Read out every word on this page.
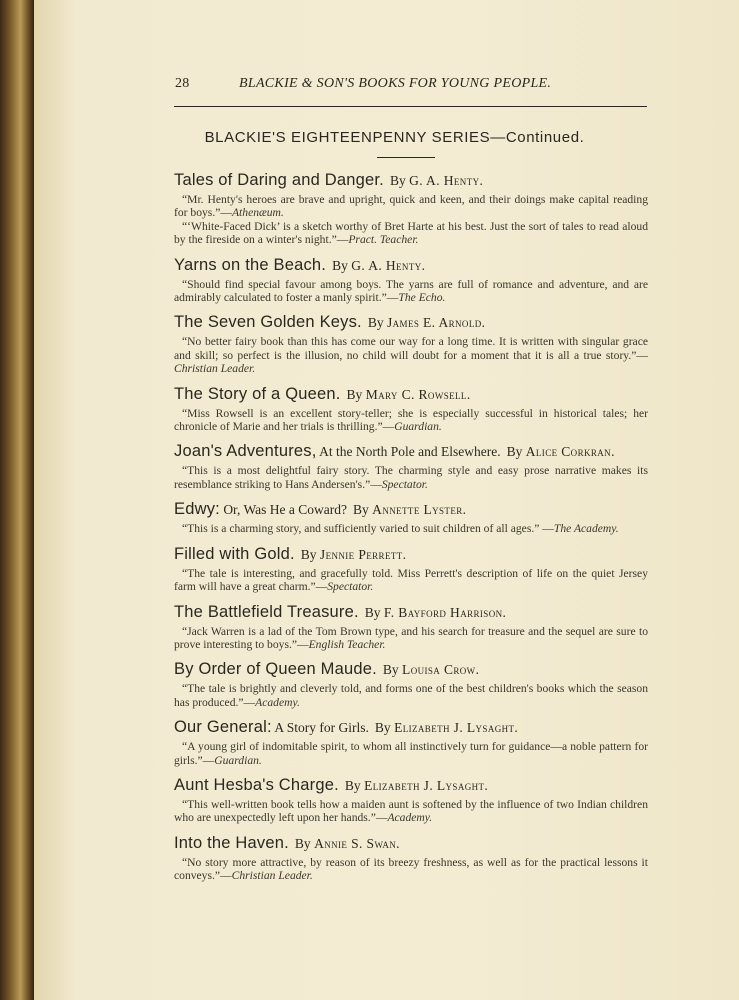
28	BLACKIE & SON'S BOOKS FOR YOUNG PEOPLE.
BLACKIE'S EIGHTEENPENNY SERIES—Continued.
Tales of Daring and Danger. By G. A. Henty.

“Mr. Henty's heroes are brave and upright, quick and keen, and their doings make capital reading for boys.”—Athenæum.

“‘White-Faced Dick’ is a sketch worthy of Bret Harte at his best. Just the sort of tales to read aloud by the fireside on a winter's night.”—Pract. Teacher.

Yarns on the Beach. By G. A. Henty.

“Should find special favour among boys. The yarns are full of romance and adventure, and are admirably calculated to foster a manly spirit.”—The Echo.

The Seven Golden Keys. By James E. Arnold.

“No better fairy book than this has come our way for a long time. It is written with singular grace and skill; so perfect is the illusion, no child will doubt for a moment that it is all a true story.”—Christian Leader.

The Story of a Queen. By Mary C. Rowsell.

“Miss Rowsell is an excellent story-teller; she is especially successful in historical tales; her chronicle of Marie and her trials is thrilling.”—Guardian.

Joan's Adventures, At the North Pole and Elsewhere. By Alice Corkran.

“This is a most delightful fairy story. The charming style and easy prose narrative makes its resemblance striking to Hans Andersen's.”—Spectator.

Edwy: Or, Was He a Coward? By Annette Lyster.

“This is a charming story, and sufficiently varied to suit children of all ages.” —The Academy.

Filled with Gold. By Jennie Perrett.

“The tale is interesting, and gracefully told. Miss Perrett's description of life on the quiet Jersey farm will have a great charm.”—Spectator.

The Battlefield Treasure. By F. Bayford Harrison.

“Jack Warren is a lad of the Tom Brown type, and his search for treasure and the sequel are sure to prove interesting to boys.”—English Teacher.

By Order of Queen Maude. By Louisa Crow.

“The tale is brightly and cleverly told, and forms one of the best children's books which the season has produced.”—Academy.

Our General: A Story for Girls. By Elizabeth J. Lysaght.

“A young girl of indomitable spirit, to whom all instinctively turn for guidance—a noble pattern for girls.”—Guardian.

Aunt Hesba's Charge. By Elizabeth J. Lysaght.

“This well-written book tells how a maiden aunt is softened by the influence of two Indian children who are unexpectedly left upon her hands.”—Academy.

Into the Haven. By Annie S. Swan.

“No story more attractive, by reason of its breezy freshness, as well as for the practical lessons it conveys.”—Christian Leader.
